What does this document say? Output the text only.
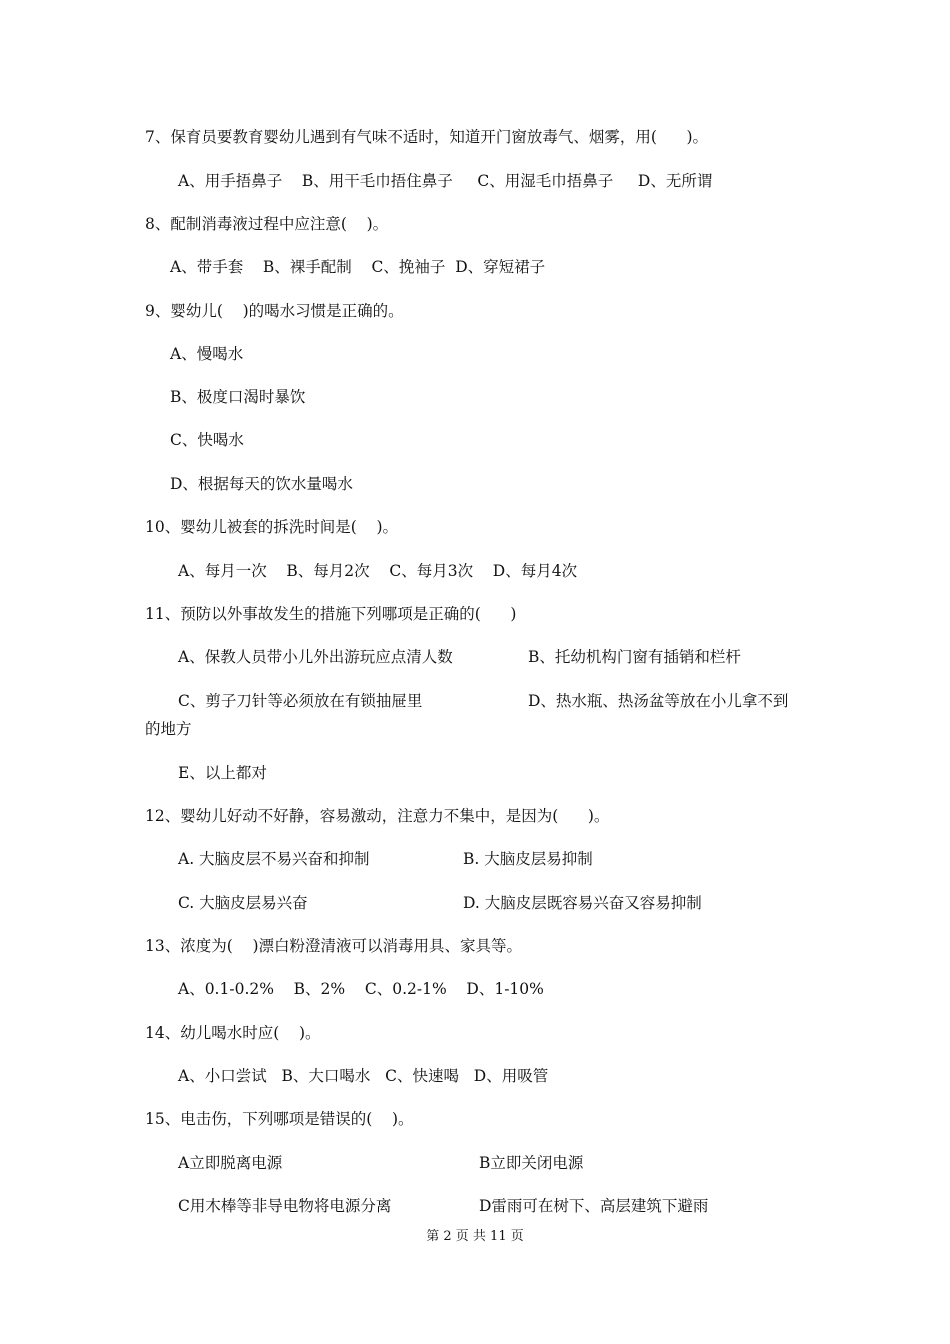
7、保育员要教育婴幼儿遇到有气味不适时，知道开门窗放毒气、烟雾，用(      )。
A、用手捂鼻子    B、用干毛巾捂住鼻子     C、用湿毛巾捂鼻子     D、无所谓
8、配制消毒液过程中应注意(    )。
A、带手套    B、裸手配制    C、挽袖子  D、穿短裙子
9、婴幼儿(    )的喝水习惯是正确的。
A、慢喝水
B、极度口渴时暴饮
C、快喝水
D、根据每天的饮水量喝水
10、婴幼儿被套的拆洗时间是(    )。
A、每月一次    B、每月2次    C、每月3次    D、每月4次
11、预防以外事故发生的措施下列哪项是正确的(      )
A、保教人员带小儿外出游玩应点清人数	B、托幼机构门窗有插销和栏杆
C、剪子刀针等必须放在有锁抽屉里	D、热水瓶、热汤盆等放在小儿拿不到
的地方
E、以上都对
12、婴幼儿好动不好静，容易激动，注意力不集中，是因为(      )。
A. 大脑皮层不易兴奋和抑制	B. 大脑皮层易抑制
C. 大脑皮层易兴奋	D. 大脑皮层既容易兴奋又容易抑制
13、浓度为(    )漂白粉澄清液可以消毒用具、家具等。
A、0.1-0.2%    B、2%    C、0.2-1%    D、1-10%
14、幼儿喝水时应(    )。
A、小口尝试   B、大口喝水   C、快速喝   D、用吸管
15、电击伤，下列哪项是错误的(    )。
A立即脱离电源	B立即关闭电源
C用木棒等非导电物将电源分离	D雷雨可在树下、高层建筑下避雨
第 2 页 共 11 页
